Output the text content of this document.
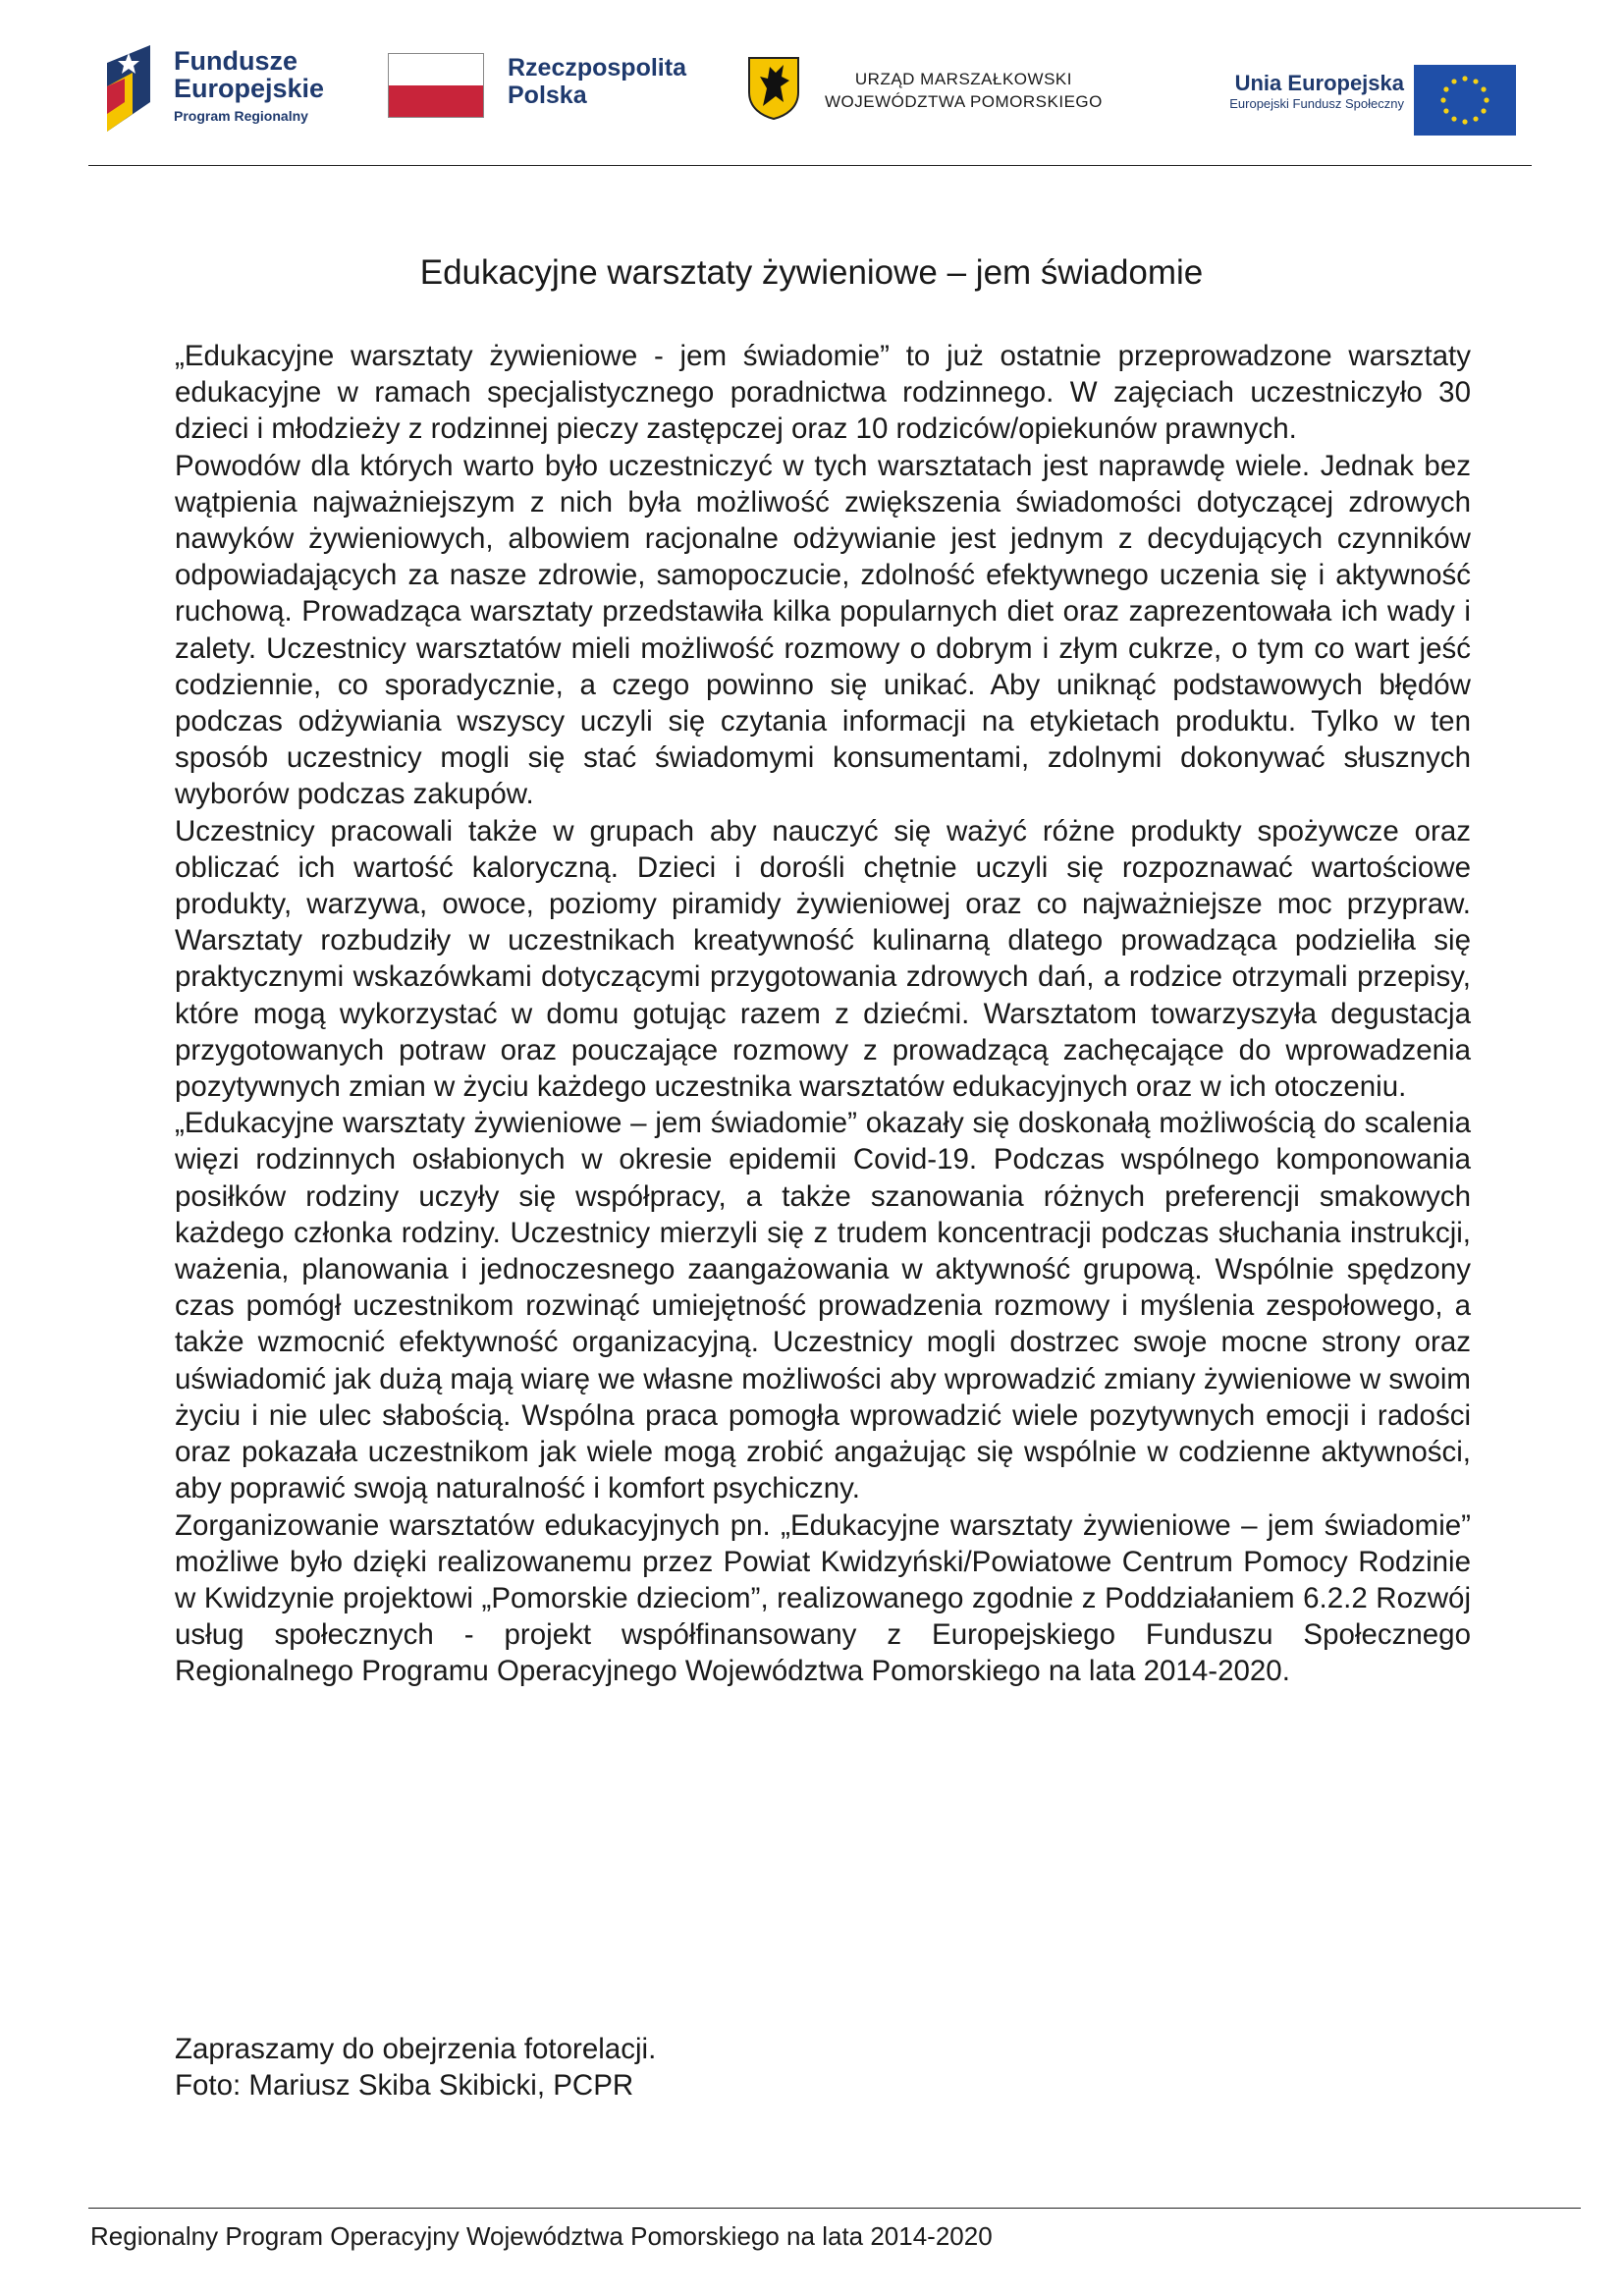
Fundusze
Europejskie
Program Regionalny
Rzeczpospolita
Polska
URZĄD MARSZAŁKOWSKI
WOJEWÓDZTWA POMORSKIEGO
Unia Europejska
Europejski Fundusz Społeczny
Edukacyjne warsztaty żywieniowe – jem świadomie

„Edukacyjne warsztaty żywieniowe - jem świadomie” to już ostatnie przeprowadzone warsztaty edukacyjne w ramach specjalistycznego poradnictwa rodzinnego. W zajęciach uczestniczyło 30 dzieci i młodzieży z rodzinnej pieczy zastępczej oraz 10 rodziców/opiekunów prawnych.

Powodów dla których warto było uczestniczyć w tych warsztatach jest naprawdę wiele. Jednak bez wątpienia najważniejszym z nich była możliwość zwiększenia świadomości dotyczącej zdrowych nawyków żywieniowych, albowiem racjonalne odżywianie jest jednym z decydujących czynników odpowiadających za nasze zdrowie, samopoczucie, zdolność efektywnego uczenia się i aktywność ruchową. Prowadząca warsztaty przedstawiła kilka popularnych diet oraz zaprezentowała ich wady i zalety. Uczestnicy warsztatów mieli możliwość rozmowy o dobrym i złym cukrze, o tym co wart jeść codziennie, co sporadycznie, a czego powinno się unikać. Aby uniknąć podstawowych błędów podczas odżywiania wszyscy uczyli się czytania informacji na etykietach produktu. Tylko w ten sposób uczestnicy mogli się stać świadomymi konsumentami, zdolnymi dokonywać słusznych wyborów podczas zakupów.

Uczestnicy pracowali także w grupach aby nauczyć się ważyć różne produkty spożywcze oraz obliczać ich wartość kaloryczną. Dzieci i dorośli chętnie uczyli się rozpoznawać wartościowe produkty, warzywa, owoce, poziomy piramidy żywieniowej oraz co najważniejsze moc przypraw. Warsztaty rozbudziły w uczestnikach kreatywność kulinarną dlatego prowadząca podzieliła się praktycznymi wskazówkami dotyczącymi przygotowania zdrowych dań, a rodzice otrzymali przepisy, które mogą wykorzystać w domu gotując razem z dziećmi. Warsztatom towarzyszyła degustacja przygotowanych potraw oraz pouczające rozmowy z prowadzącą zachęcające do wprowadzenia pozytywnych zmian w życiu każdego uczestnika warsztatów edukacyjnych oraz w ich otoczeniu.

„Edukacyjne warsztaty żywieniowe – jem świadomie” okazały się doskonałą możliwością do scalenia więzi rodzinnych osłabionych w okresie epidemii Covid-19. Podczas wspólnego komponowania posiłków rodziny uczyły się współpracy, a także szanowania różnych preferencji smakowych każdego członka rodziny. Uczestnicy mierzyli się z trudem koncentracji podczas słuchania instrukcji, ważenia, planowania i jednoczesnego zaangażowania w aktywność grupową. Wspólnie spędzony czas pomógł uczestnikom rozwinąć umiejętność prowadzenia rozmowy i myślenia zespołowego, a także wzmocnić efektywność organizacyjną. Uczestnicy mogli dostrzec swoje mocne strony oraz uświadomić jak dużą mają wiarę we własne możliwości aby wprowadzić zmiany żywieniowe w swoim życiu i nie ulec słabością. Wspólna praca pomogła wprowadzić wiele pozytywnych emocji i radości oraz pokazała uczestnikom jak wiele mogą zrobić angażując się wspólnie w codzienne aktywności, aby poprawić swoją naturalność i komfort psychiczny.

Zorganizowanie warsztatów edukacyjnych pn. „Edukacyjne warsztaty żywieniowe – jem świadomie” możliwe było dzięki realizowanemu przez Powiat Kwidzyński/Powiatowe Centrum Pomocy Rodzinie w Kwidzynie projektowi „Pomorskie dzieciom”, realizowanego zgodnie z Poddziałaniem 6.2.2 Rozwój usług społecznych - projekt współfinansowany z Europejskiego Funduszu Społecznego Regionalnego Programu Operacyjnego Województwa Pomorskiego na lata 2014-2020.

Zapraszamy do obejrzenia fotorelacji.

Foto: Mariusz Skiba Skibicki, PCPR

Regionalny Program Operacyjny Województwa Pomorskiego na lata 2014-2020
